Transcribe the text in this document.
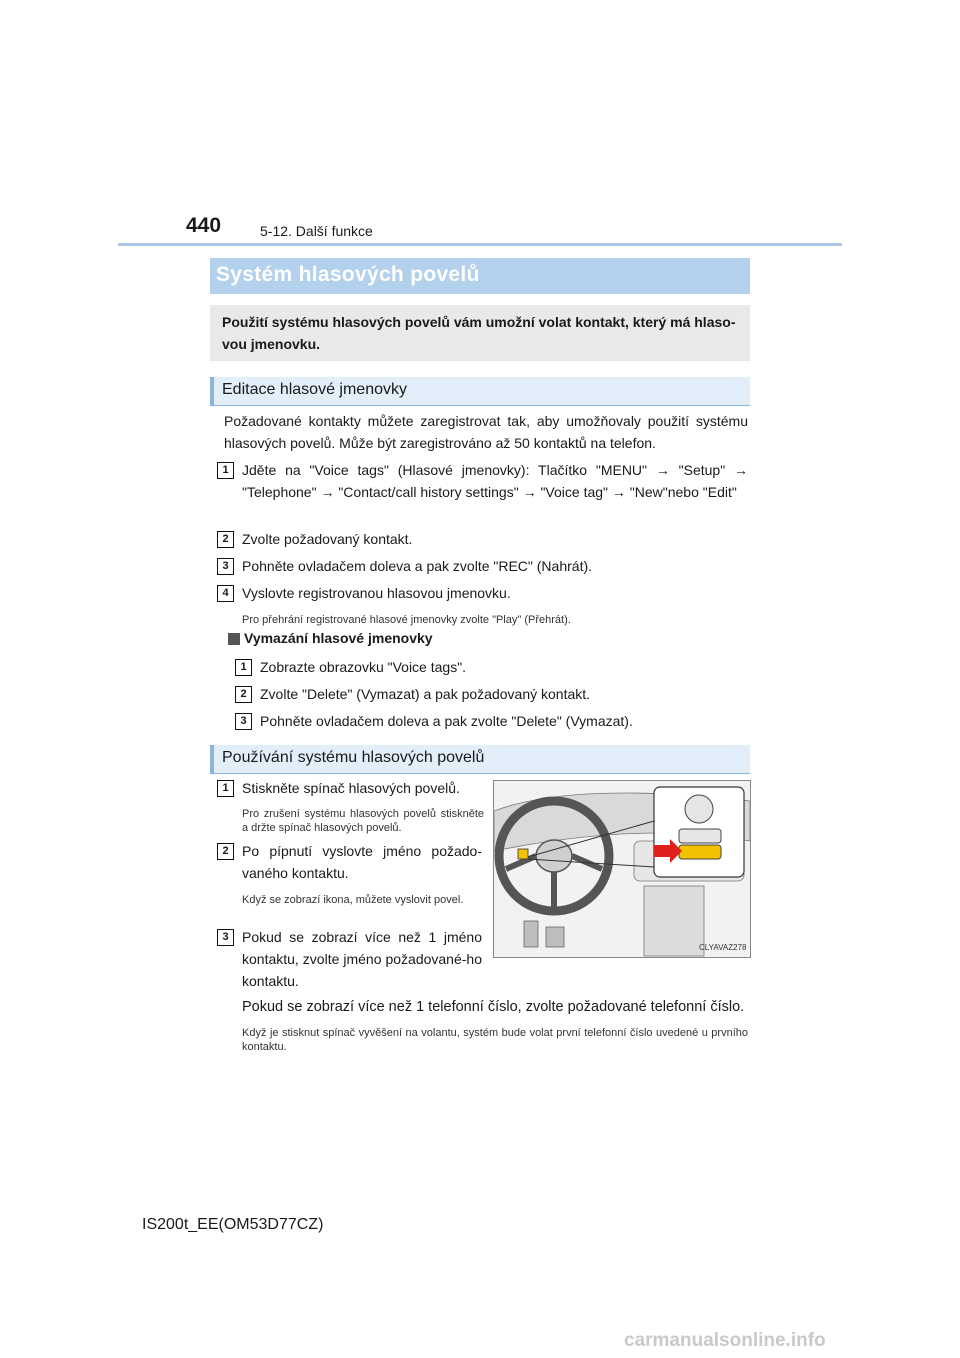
440	5-12. Další funkce
Systém hlasových povelů

Použití systému hlasových povelů vám umožní volat kontakt, který má hlaso-vou jmenovku.

Editace hlasové jmenovky

Požadované kontakty můžete zaregistrovat tak, aby umožňovaly použití systému hlasových povelů. Může být zaregistrováno až 50 kontaktů na telefon.

1 Jděte na "Voice tags" (Hlasové jmenovky): Tlačítko "MENU" → "Setup" → "Telephone" → "Contact/call history settings" → "Voice tag" → "New"nebo "Edit"

2 Zvolte požadovaný kontakt.

3 Pohněte ovladačem doleva a pak zvolte "REC" (Nahrát).

4 Vyslovte registrovanou hlasovou jmenovku.

Pro přehrání registrované hlasové jmenovky zvolte "Play" (Přehrát).

Vymazání hlasové jmenovky
1 Zobrazte obrazovku "Voice tags".

2 Zvolte "Delete" (Vymazat) a pak požadovaný kontakt.

3 Pohněte ovladačem doleva a pak zvolte "Delete" (Vymazat).

Používání systému hlasových povelů
1 Stiskněte spínač hlasových povelů.

Pro zrušení systému hlasových povelů stiskněte a držte spínač hlasových povelů.

2 Po pípnutí vyslovte jméno požado-vaného kontaktu.

Když se zobrazí ikona, můžete vyslovit povel.

3 Pokud se zobrazí více než 1 jméno kontaktu, zvolte jméno požadované-ho kontaktu.

CLYAVAZ278

Pokud se zobrazí více než 1 telefonní číslo, zvolte požadované telefonní číslo.

Když je stisknut spínač vyvěšení na volantu, systém bude volat první telefonní číslo uvedené u prvního kontaktu.

IS200t_EE(OM53D77CZ)
carmanualsonline.info
